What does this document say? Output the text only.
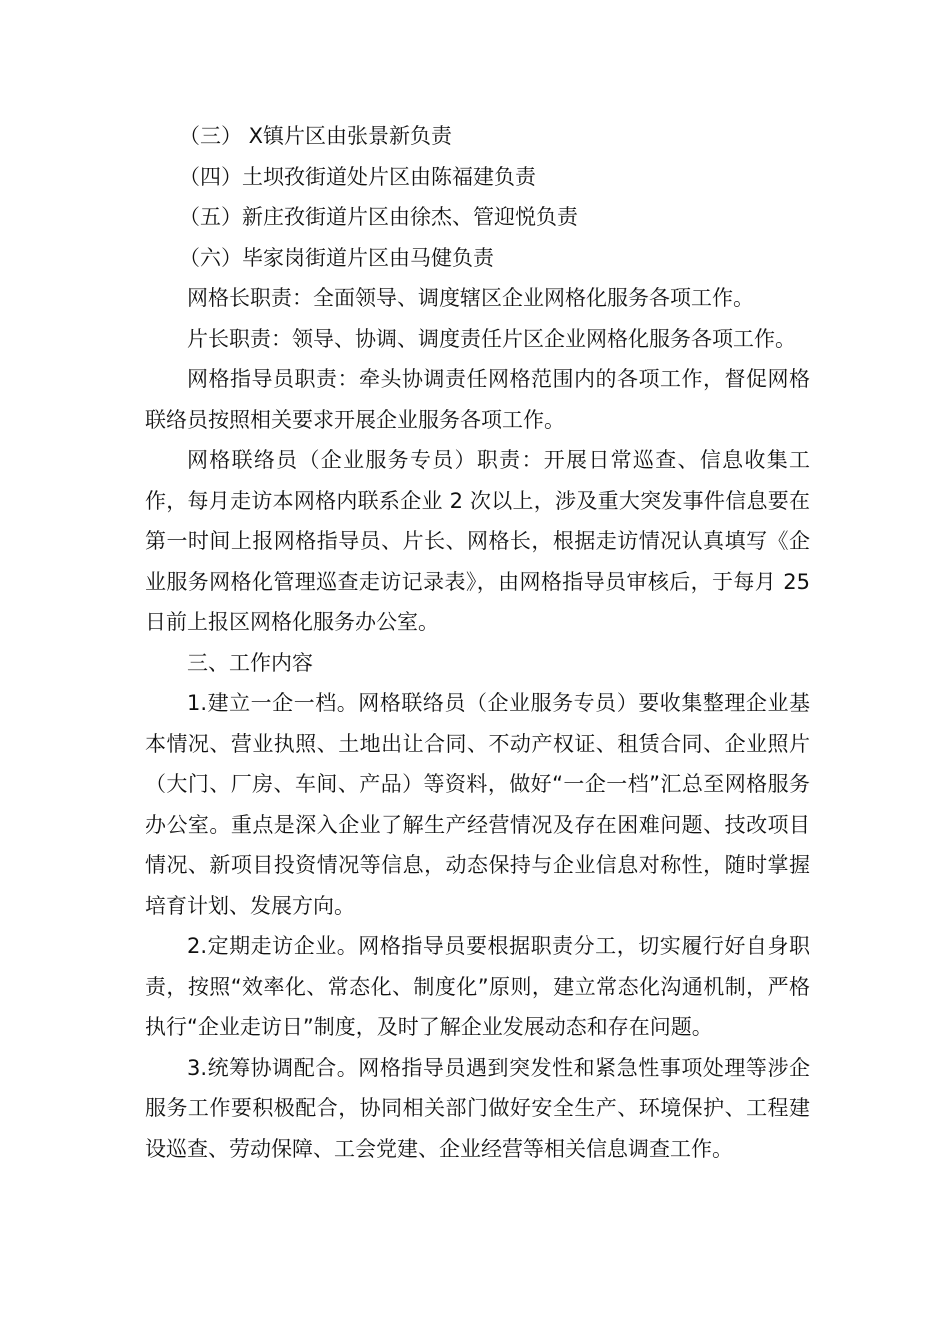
（三） X镇片区由张景新负责

（四）土坝孜街道处片区由陈福建负责

（五）新庄孜街道片区由徐杰、管迎悦负责

（六）毕家岗街道片区由马健负责

网格长职责：全面领导、调度辖区企业网格化服务各项工作。

片长职责：领导、协调、调度责任片区企业网格化服务各项工作。

网格指导员职责：牵头协调责任网格范围内的各项工作，督促网格联络员按照相关要求开展企业服务各项工作。

网格联络员（企业服务专员）职责：开展日常巡查、信息收集工作，每月走访本网格内联系企业 2 次以上，涉及重大突发事件信息要在第一时间上报网格指导员、片长、网格长，根据走访情况认真填写《企业服务网格化管理巡查走访记录表》，由网格指导员审核后，于每月 25 日前上报区网格化服务办公室。

三、工作内容

1.建立一企一档。网格联络员（企业服务专员）要收集整理企业基本情况、营业执照、土地出让合同、不动产权证、租赁合同、企业照片（大门、厂房、车间、产品）等资料，做好“一企一档”汇总至网格服务办公室。重点是深入企业了解生产经营情况及存在困难问题、技改项目情况、新项目投资情况等信息，动态保持与企业信息对称性，随时掌握培育计划、发展方向。

2.定期走访企业。网格指导员要根据职责分工，切实履行好自身职责，按照“效率化、常态化、制度化”原则，建立常态化沟通机制，严格执行“企业走访日”制度，及时了解企业发展动态和存在问题。

3.统筹协调配合。网格指导员遇到突发性和紧急性事项处理等涉企服务工作要积极配合，协同相关部门做好安全生产、环境保护、工程建设巡查、劳动保障、工会党建、企业经营等相关信息调查工作。
